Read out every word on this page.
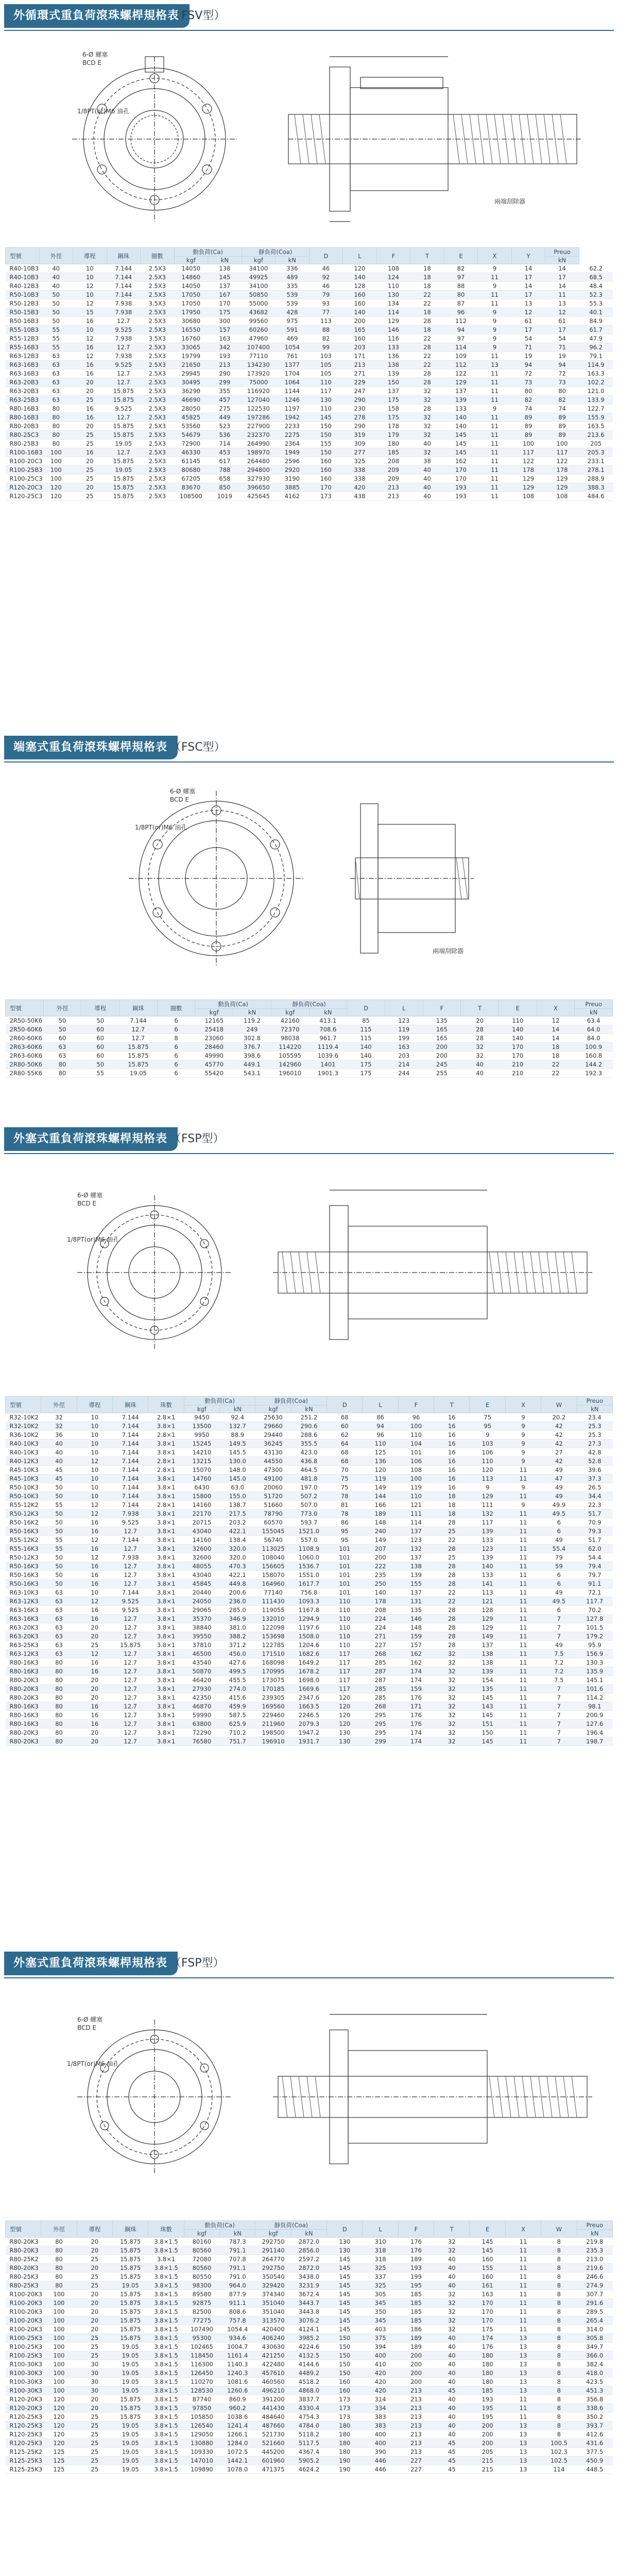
外循環式重負荷滾珠螺桿規格表
（FSV型）
6-Ø 螺塞
BCD E
1/8PT(or)M6 油孔
兩端刮除器
型號	外徑	導程	鋼珠	圈數	動負荷(Ca)		靜負荷(Coa)		D	L	F	T	E	X	Y	Preuo	
					kgf	kN	kgf	kN								kN	
R40-10B3	40	10	7.144	2.5X3	14050	138	34100	336	46	120	108	18	82	9	14	14	62.2
R40-10B3	40	10	7.144	2.5X3	14860	145	49925	489	92	140	124	18	97	11	17	17	68.5
R40-12B3	40	12	7.144	2.5X3	14050	137	34100	335	46	128	110	18	88	9	14	14	48.4
R50-10B3	50	10	7.144	2.5X3	17050	167	50850	539	79	160	130	22	80	11	17	11	52.3
R50-12B3	50	12	7.938	3.5X3	17050	170	55000	539	93	160	134	22	87	11	13	13	55.3
R50-15B3	50	15	7.938	2.5X3	17950	175	43682	428	77	140	114	18	96	9	12	12	40.1
R50-16B3	50	16	12.7	2.5X3	30680	300	99560	975	113	200	129	28	112	9	61	61	84.9
R55-10B3	55	10	9.525	2.5X3	16550	157	60260	591	88	165	146	18	94	9	17	17	61.7
R55-12B3	55	12	7.938	3.5X3	16760	163	47960	469	82	160	116	22	97	9	54	54	47.9
R55-16B3	55	16	12.7	2.5X3	33065	342	107400	1054	99	203	133	28	114	9	71	71	96.2
R63-12B3	63	12	7.938	2.5X3	19799	193	77110	761	103	171	136	22	109	11	19	19	79.1
R63-16B3	63	16	9.525	2.5X3	21650	213	134230	1377	105	213	138	22	112	13	94	94	114.9
R63-16B3	63	16	12.7	2.5X3	29945	290	173920	1704	105	271	139	28	122	11	72	72	163.3
R63-20B3	63	20	12.7	2.5X3	30495	299	75000	1064	110	229	150	28	129	11	73	73	102.2
R63-20B3	63	20	15.875	2.5X3	36290	355	116920	1144	117	247	137	32	137	11	80	80	121.0
R63-25B3	63	25	15.875	2.5X3	46690	457	127040	1246	130	290	175	32	139	11	82	82	133.9
R80-16B3	80	16	9.525	2.5X3	28050	275	122530	1197	110	230	158	28	133	9	74	74	122.7
R80-16B3	80	16	12.7	2.5X3	45825	449	197286	1942	145	278	175	32	140	11	89	89	155.9
R80-20B3	80	20	15.875	2.5X3	53560	523	227900	2233	150	290	178	32	140	11	89	89	163.5
R80-25C3	80	25	15.875	2.5X3	54679	536	232370	2275	150	319	179	32	145	11	89	89	213.6
R80-25B3	80	25	19.05	2.5X3	72900	714	264990	2364	155	309	180	40	145	11	100	100	205
R100-16B3	100	16	12.7	2.5X3	46330	453	198970	1949	150	277	185	32	145	11	117	117	205.3
R100-20C3	100	20	15.875	2.5X3	61145	617	264480	2596	160	325	208	38	162	11	122	122	233.1
R100-25B3	100	25	19.05	2.5X3	80680	788	294800	2920	160	338	209	40	170	11	178	178	278.1
R100-25C3	100	25	15.875	2.5X3	67205	658	327930	3190	160	338	209	40	170	11	129	129	288.9
R120-20C3	120	20	15.875	2.5X3	83670	850	396650	3885	170	420	213	40	193	11	129	129	388.3
R120-25C3	120	25	15.875	2.5X3	108500	1019	425645	4162	173	438	213	40	193	11	108	108	484.6
端塞式重負荷滾珠螺桿規格表 （FSC型）
6-Ø 螺塞
BCD E
1/8PT(or)M6 油孔
兩端刮除器
型號	外徑	導程	鋼珠	圈數	動負荷(Ca)		靜負荷(Coa)		D	L	F	T	E	X	Preuo
					kgf	kN	kgf	kN							kN
2R50-50K6	50	50	7.144	6	12165	119.2	42160	413.1	85	123	135	20	110	12	63.4
2R50-60K6	50	60	12.7	6	25418	249	72370	708.6	115	119	165	28	140	14	64.0
2R60-60K6	60	60	12.7	8	23060	302.8	98038	961.7	115	199	165	28	140	14	84.0
2R63-60K6	63	60	15.875	6	28460	376.7	114220	1119.4	140	163	200	32	170	18	100.9
2R63-60K6	63	60	15.875	6	49990	398.6	105595	1039.6	140	203	200	32	170	18	160.8
2R80-50K6	80	50	15.875	6	45770	449.1	142960	1401	175	214	245	40	210	22	144.2
2R80-55K6	80	55	19.05	6	55420	543.1	196010	1901.3	175	244	255	40	210	22	192.3
外塞式重負荷滾珠螺桿規格表 （FSP型）
6-Ø 螺塞
BCD E
1/8PT(or)M6 油孔
型號	外徑	導程	鋼珠	珠數	動負荷(Ca)		靜負荷(Coa)		D	L	F	T	E	X	W	Preuo
					kgf	kN	kgf	kN								kN
R32-10K2	32	10	7.144	2.8×1	9450	92.4	25630	251.2	68	86	96	16	75	9	20.2	23.4
R32-10K2	32	10	7.144	3.8×1	13500	132.7	29660	290.6	60	94	100	16	95	9	42	25.3
R36-10K2	36	10	7.144	2.8×1	9950	88.9	29440	288.6	62	96	110	16	9	9	42	25.3
R40-10K3	40	10	7.144	3.8×1	15245	149.5	36245	355.5	64	110	104	16	103	9	42	27.3
R40-10K3	40	10	7.144	3.8×1	14210	145.5	43130	423.0	68	125	101	16	106	9	27	42.8
R40-12K3	40	12	7.144	2.8×1	13215	130.0	44550	436.8	68	136	106	16	110	9	42	52.8
R45-10K3	45	10	7.144	2.8×1	15070	148.0	47300	464.5	70	120	108	16	120	11	49	39.6
R45-10K3	45	10	7.144	3.8×1	14760	145.0	49100	481.8	75	119	100	16	113	11	47	37.3
R50-10K3	50	10	7.144	3.8×1	6430	63.0	20060	197.0	75	149	119	16	9	9	49	26.5
R50-10K3	50	10	7.144	3.8×1	15800	155.0	51720	507.2	78	144	110	18	129	11	49	34.4
R55-12K2	55	12	7.144	2.8×1	14160	138.7	51660	507.0	81	166	121	18	111	9	49.9	22.3
R50-12K3	50	12	7.938	3.8×1	22170	217.5	78790	773.0	78	189	111	18	132	11	49.5	51.7
R50-16K2	50	16	9.525	3.8×1	20715	203.2	60570	593.7	86	148	114	28	117	11	6	70.9
R50-16K3	50	16	12.7	3.8×1	43040	422.1	155045	1521.0	95	240	137	25	139	11	6	79.3
R55-12K2	55	12	7.144	3.8×1	14160	138.4	56740	557.0	95	149	123	22	133	11	49	51.7
R55-16K3	55	16	12.7	3.8×1	32600	320.0	113025	1108.9	101	207	132	28	123	11	55.4	62.0
R50-12K3	50	12	7.938	3.8×1	32600	320.0	108040	1060.0	101	200	137	25	139	11	79	54.4
R50-16K3	50	16	12.7	3.8×1	48055	470.3	156605	1536.7	101	222	138	28	140	11	59	79.4
R50-16K3	50	16	12.7	3.8×1	43040	422.1	158070	1551.0	101	235	139	28	133	11	6	79.7
R50-16K3	50	16	12.7	3.8×1	45845	449.8	164960	1617.7	101	250	155	28	141	11	6	91.1
R63-10K3	63	10	7.144	3.8×1	20440	200.6	77140	756.8	101	140	137	22	113	11	49	72.1
R63-12K3	63	12	9.525	3.8×1	24050	236.0	111430	1093.3	110	178	131	22	121	11	49.5	117.7
R63-16K3	63	16	9.525	3.8×1	29065	285.0	119055	1167.8	110	208	135	28	128	11	6	70.2
R63-16K3	63	16	12.7	3.8×1	35370	346.9	132010	1294.9	110	224	146	28	129	11	7	127.8
R63-20K3	63	20	12.7	3.8×1	38840	381.0	122098	1197.6	110	224	148	28	129	11	7	101.5
R63-20K3	63	20	12.7	3.8×1	39550	388.2	153698	1508.0	110	271	159	28	149	11	7	179.2
R63-25K3	63	25	15.875	3.8×1	37810	371.2	122785	1204.6	110	227	157	28	137	11	49	95.9
R63-12K3	63	12	12.7	3.8×1	46500	456.0	171510	1682.6	117	268	162	32	138	11	7.5	156.9
R80-16K3	80	16	12.7	3.8×1	43540	427.6	168098	1649.2	117	285	162	32	138	11	7.2	130.3
R80-16K3	80	16	12.7	3.8×1	50870	499.5	170995	1678.2	117	287	174	32	139	11	7.2	135.9
R80-20K3	80	20	12.7	3.8×1	46420	455.5	173075	1698.0	117	287	174	32	154	11	7.5	145.1
R80-20K3	80	20	12.7	3.8×1	27930	274.0	170185	1669.6	117	285	159	32	135	11	7	101.6
R80-20K3	80	20	12.7	3.8×1	42350	415.6	239305	2347.6	120	285	176	32	145	11	7	114.2
R80-16K3	80	16	12.7	3.8×1	46870	459.9	169560	1663.5	120	268	171	32	143	11	7	98.1
R80-16K3	80	16	12.7	3.8×1	59990	587.5	229460	2246.5	120	295	176	32	145	11	7	200.9
R80-16K3	80	16	12.7	3.8×1	63800	625.9	211960	2079.3	120	295	176	32	151	11	7	127.6
R80-20K3	80	20	12.7	3.8×1	72290	710.2	198500	1947.2	130	295	174	32	150	11	7	196.4
R80-20K3	80	20	12.7	3.8×1	76580	751.7	196910	1931.7	130	299	174	32	145	11	7	198.7
外塞式重負荷滾珠螺桿規格表 （FSP型）
6-Ø 螺塞
BCD E
1/8PT(or)M6 油孔
型號	外徑	導程	鋼珠	珠數	動負荷(Ca)		靜負荷(Coa)		D	L	F	T	E	X	W	Preuo
					kgf	kN	kgf	kN								kN
R80-20K3	80	20	15.875	3.8×1.5	80160	787.3	292750	2872.0	130	310	176	32	145	11	8	219.8
R80-20K3	80	20	15.875	3.8×1.5	80560	791.1	291140	2856.0	130	318	176	32	145	11	8	235.3
R80-25K2	80	25	15.875	3.8×1	72080	707.8	264770	2597.2	145	318	189	40	160	11	8	213.0
R80-20K3	80	20	15.875	3.8×1.5	80560	791.1	292750	2872.0	145	325	193	40	155	11	8	219.6
R80-25K3	80	25	15.875	3.8×1.5	80550	791.0	350540	3438.0	145	337	199	40	160	11	8	246.6
R80-25K3	80	25	19.05	3.8×1.5	98300	964.0	329420	3231.9	145	325	195	40	161	11	8	274.9
R100-20K3	100	20	15.875	3.8×1.5	89580	877.9	374340	3672.4	145	305	185	32	163	11	8	307.7
R100-20K3	100	20	15.875	3.8×1.5	92875	911.1	351040	3443.7	145	345	185	32	170	11	8	291.6
R100-20K3	100	20	15.875	3.8×1.5	82500	808.6	351040	3443.8	145	350	185	32	170	11	8	289.5
R100-20K3	100	20	15.875	3.8×1.5	77275	757.8	313570	3076.2	145	345	185	32	170	11	8	265.4
R100-20K3	100	20	15.875	3.8×1.5	107490	1054.4	420400	4124.1	145	403	186	32	175	11	8	314.0
R100-25K3	100	25	15.875	3.8×1.5	95300	934.6	406240	3985.2	150	375	189	40	174	13	8	305.8
R100-25K3	100	25	19.05	3.8×1.5	102465	1004.7	430630	4224.6	150	394	189	40	176	13	8	349.7
R100-25K3	100	25	19.05	3.8×1.5	118450	1161.4	421250	4132.5	150	400	200	40	180	13	8	366.0
R100-30K3	100	30	19.05	3.8×1.5	116300	1140.3	422480	4144.6	150	410	200	40	180	13	8	382.4
R100-30K3	100	30	19.05	3.8×1.5	126450	1240.3	457610	4489.2	150	420	200	40	180	13	8	418.0
R100-30K3	100	30	19.05	3.8×1.5	110270	1081.6	460560	4518.2	160	420	200	40	180	13	8	423.5
R100-30K3	100	30	19.05	3.8×1.5	128530	1260.6	496210	4868.0	160	420	213	45	185	13	8	451.3
R120-20K3	120	20	15.875	3.8×1.5	87740	860.9	391200	3837.7	173	314	213	40	193	11	8	356.8
R120-20K3	120	20	15.875	3.8×1.5	97850	960.2	441430	4330.4	173	334	213	40	195	11	8	338.6
R120-25K3	120	25	15.875	3.8×1.5	105850	1038.6	484640	4754.3	173	383	213	40	195	11	8	350.2
R120-25K3	120	25	19.05	3.8×1.5	126540	1241.4	487660	4784.0	180	383	213	40	200	13	8	393.7
R120-25K3	120	25	19.05	3.8×1.5	129050	1266.1	521730	5118.2	180	400	213	40	200	13	8	412.6
R120-25K3	120	25	19.05	3.8×1.5	130880	1284.0	521660	5117.5	180	400	213	45	200	13	100.5	431.6
R125-25K2	125	25	19.05	3.8×1.5	109330	1072.5	445200	4367.4	180	390	213	45	205	13	102.3	377.5
R125-25K3	125	25	19.05	3.8×1.5	147010	1442.1	601960	5905.2	190	446	227	45	215	13	102.5	450.9
R125-25K3	125	25	19.05	3.8×1.5	109890	1078.0	471375	4624.2	190	446	227	45	215	13	114	448.5
